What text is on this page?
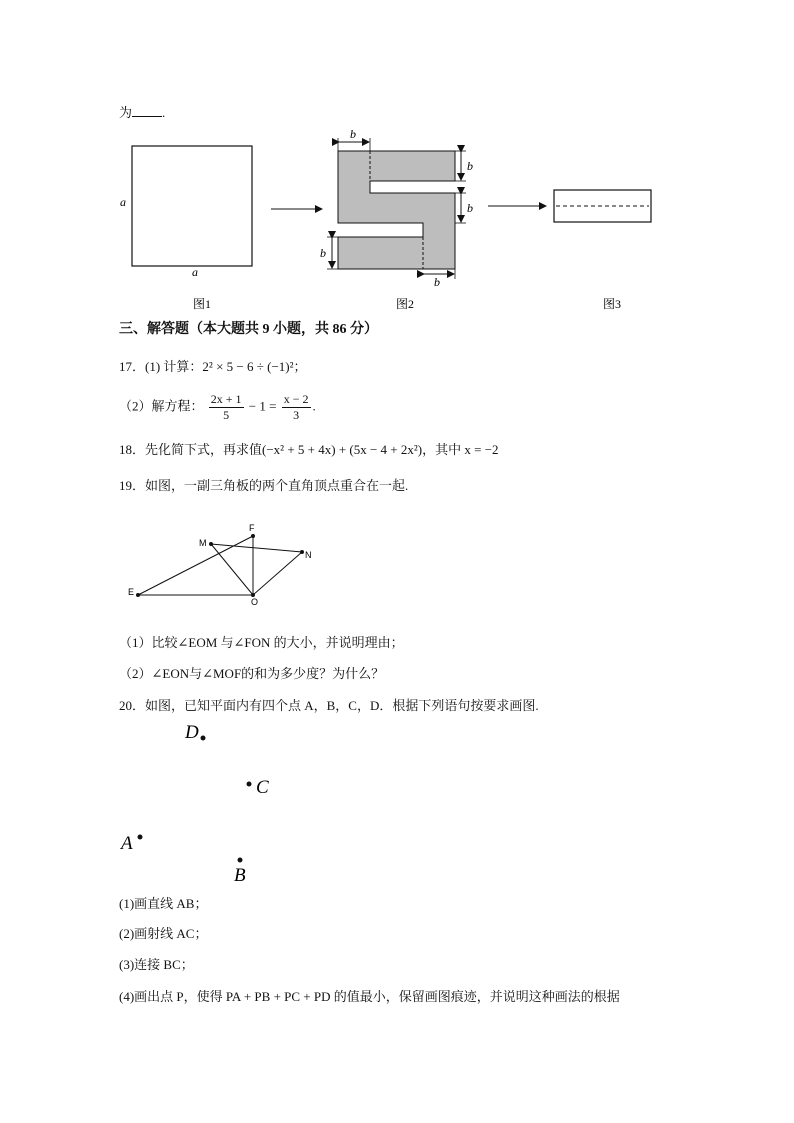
为 .
a
a
b
b
b
b
b
图1	图2	图3
三、解答题（本大题共 9 小题，共 86 分）
17．(1) 计算：2² × 5 − 6 ÷ (−1)²；
（2）解方程： $\frac{2x + 1}{5} - 1 = \frac{x - 2}{3}$ .
18．先化简下式，再求值(−x² + 5 + 4x) + (5x − 4 + 2x²)，其中 x = −2
19．如图，一副三角板的两个直角顶点重合在一起.
M
F
N
E
O
（1）比较∠EOM 与∠FON 的大小，并说明理由；
（2）∠EON与∠MOF的和为多少度？为什么？
20．如图，已知平面内有四个点 A，B，C，D．根据下列语句按要求画图.
D
C
A
B
(1)画直线 AB；
(2)画射线 AC；
(3)连接 BC；
(4)画出点 P，使得 PA + PB + PC + PD 的值最小，保留画图痕迹，并说明这种画法的根据
